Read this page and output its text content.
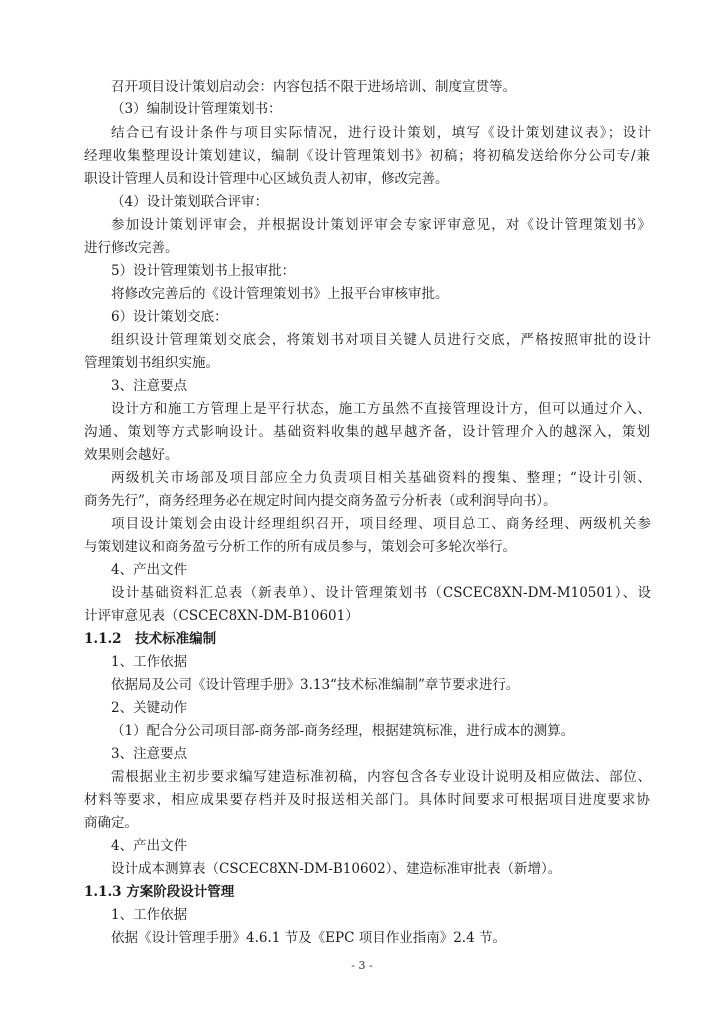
召开项目设计策划启动会：内容包括不限于进场培训、制度宣贯等。
（3）编制设计管理策划书：
结合已有设计条件与项目实际情况，进行设计策划，填写《设计策划建议表》；设计
经理收集整理设计策划建议，编制《设计管理策划书》初稿；将初稿发送给你分公司专/兼
职设计管理人员和设计管理中心区域负责人初审，修改完善。
（4）设计策划联合评审：
参加设计策划评审会，并根据设计策划评审会专家评审意见，对《设计管理策划书》
进行修改完善。
5）设计管理策划书上报审批：
将修改完善后的《设计管理策划书》上报平台审核审批。
6）设计策划交底：
组织设计管理策划交底会，将策划书对项目关键人员进行交底，严格按照审批的设计
管理策划书组织实施。
3、注意要点
设计方和施工方管理上是平行状态，施工方虽然不直接管理设计方，但可以通过介入、
沟通、策划等方式影响设计。基础资料收集的越早越齐备，设计管理介入的越深入，策划
效果则会越好。
两级机关市场部及项目部应全力负责项目相关基础资料的搜集、整理；“设计引领、
商务先行”，商务经理务必在规定时间内提交商务盈亏分析表（或利润导向书）。
项目设计策划会由设计经理组织召开，项目经理、项目总工、商务经理、两级机关参
与策划建议和商务盈亏分析工作的所有成员参与，策划会可多轮次举行。
4、产出文件
设计基础资料汇总表（新表单）、设计管理策划书（CSCEC8XN-DM-M10501）、设
计评审意见表（CSCEC8XN-DM-B10601）
1.1.2　技术标准编制
1、工作依据
依据局及公司《设计管理手册》3.13“技术标准编制”章节要求进行。
2、关键动作
（1）配合分公司项目部-商务部-商务经理，根据建筑标准，进行成本的测算。
3、注意要点
需根据业主初步要求编写建造标准初稿，内容包含各专业设计说明及相应做法、部位、
材料等要求，相应成果要存档并及时报送相关部门。具体时间要求可根据项目进度要求协
商确定。
4、产出文件
设计成本测算表（CSCEC8XN-DM-B10602）、建造标准审批表（新增）。
1.1.3 方案阶段设计管理
1、工作依据
依据《设计管理手册》4.6.1 节及《EPC 项目作业指南》2.4 节。
- 3 -
